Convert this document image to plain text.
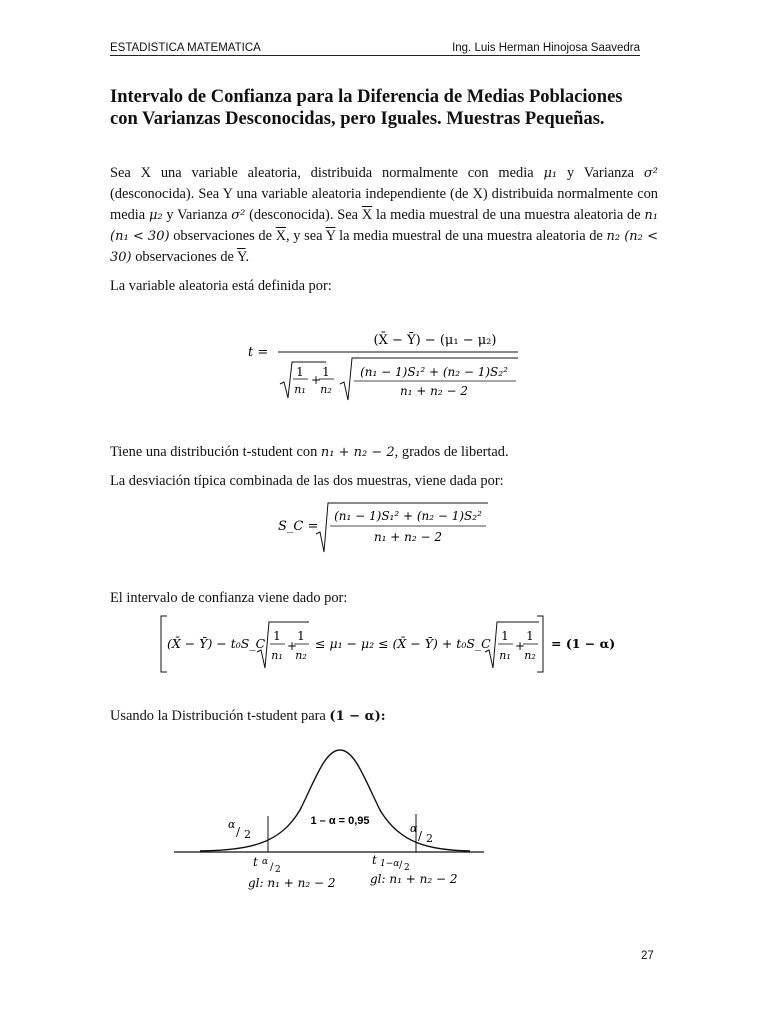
ESTADISTICA MATEMATICA	Ing. Luis Herman Hinojosa Saavedra
Intervalo de Confianza para la Diferencia de Medias Poblaciones con Varianzas Desconocidas, pero Iguales. Muestras Pequeñas.
Sea X una variable aleatoria, distribuida normalmente con media μ₁ y Varianza σ² (desconocida). Sea Y una variable aleatoria independiente (de X) distribuida normalmente con media μ₂ y Varianza σ² (desconocida). Sea $\overline{X}$ la media muestral de una muestra aleatoria de n₁ (n₁ < 30) observaciones de $\overline{X}$, y sea $\overline{Y}$ la media muestral de una muestra aleatoria de n₂ (n₂ < 30) observaciones de $\overline{Y}$.
La variable aleatoria está definida por:
t =
(X̄ − Ȳ) − (μ₁ − μ₂)
1
n₁
+
1
n₂
(n₁ − 1)S₁² + (n₂ − 1)S₂²
n₁ + n₂ − 2
Tiene una distribución t-student con n₁ + n₂ − 2, grados de libertad.
La desviación típica combinada de las dos muestras, viene dada por:
S_C =
(n₁ − 1)S₁² + (n₂ − 1)S₂²
n₁ + n₂ − 2
El intervalo de confianza viene dado por:
(X̄ − Ȳ) − t₀S_C 1
n₁
+
1
n₂
≤ μ₁ − μ₂ ≤ (X̄ − Ȳ) + t₀S_C 1
n₁
+
1
n₂
= (1 − α)
Usando la Distribución t-student para (1 − α):
1 – α = 0,95
α
/ 2	α
/ 2
t α / 2
gl: n₁ + n₂ − 2
t 1−α / 2
gl: n₁ + n₂ − 2
27
